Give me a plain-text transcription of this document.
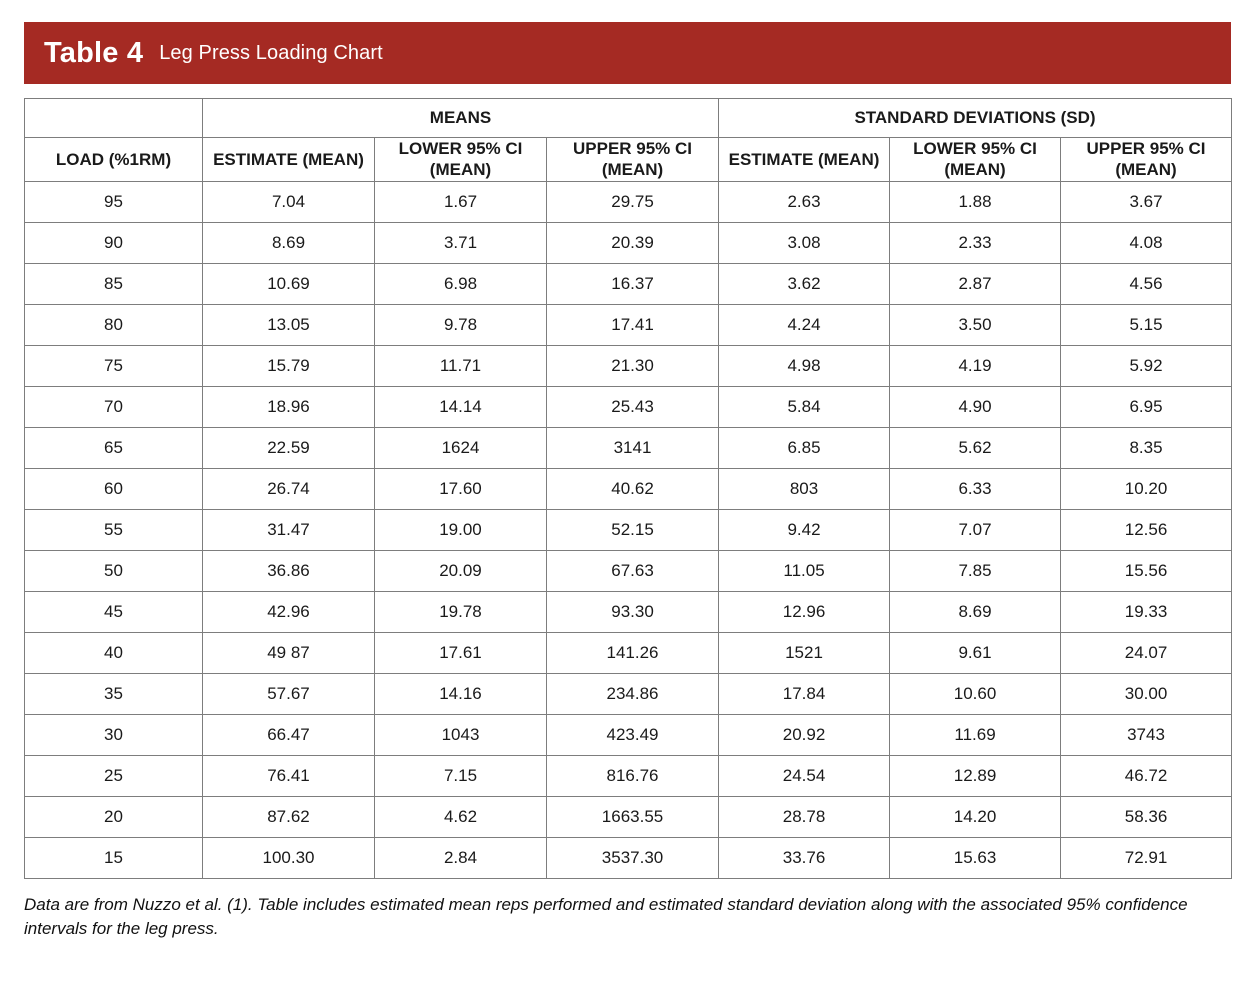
Table 4 Leg Press Loading Chart
	MEANS			STANDARD DEVIATIONS (SD)		
LOAD (%1RM)	ESTIMATE (MEAN)	LOWER 95% CI (MEAN)	UPPER 95% CI (MEAN)	ESTIMATE (MEAN)	LOWER 95% CI (MEAN)	UPPER 95% CI (MEAN)
95	7.04	1.67	29.75	2.63	1.88	3.67
90	8.69	3.71	20.39	3.08	2.33	4.08
85	10.69	6.98	16.37	3.62	2.87	4.56
80	13.05	9.78	17.41	4.24	3.50	5.15
75	15.79	11.71	21.30	4.98	4.19	5.92
70	18.96	14.14	25.43	5.84	4.90	6.95
65	22.59	1624	3141	6.85	5.62	8.35
60	26.74	17.60	40.62	803	6.33	10.20
55	31.47	19.00	52.15	9.42	7.07	12.56
50	36.86	20.09	67.63	11.05	7.85	15.56
45	42.96	19.78	93.30	12.96	8.69	19.33
40	49 87	17.61	141.26	1521	9.61	24.07
35	57.67	14.16	234.86	17.84	10.60	30.00
30	66.47	1043	423.49	20.92	11.69	3743
25	76.41	7.15	816.76	24.54	12.89	46.72
20	87.62	4.62	1663.55	28.78	14.20	58.36
15	100.30	2.84	3537.30	33.76	15.63	72.91
Data are from Nuzzo et al. (1). Table includes estimated mean reps performed and estimated standard deviation along with the associated 95% confidence intervals for the leg press.
